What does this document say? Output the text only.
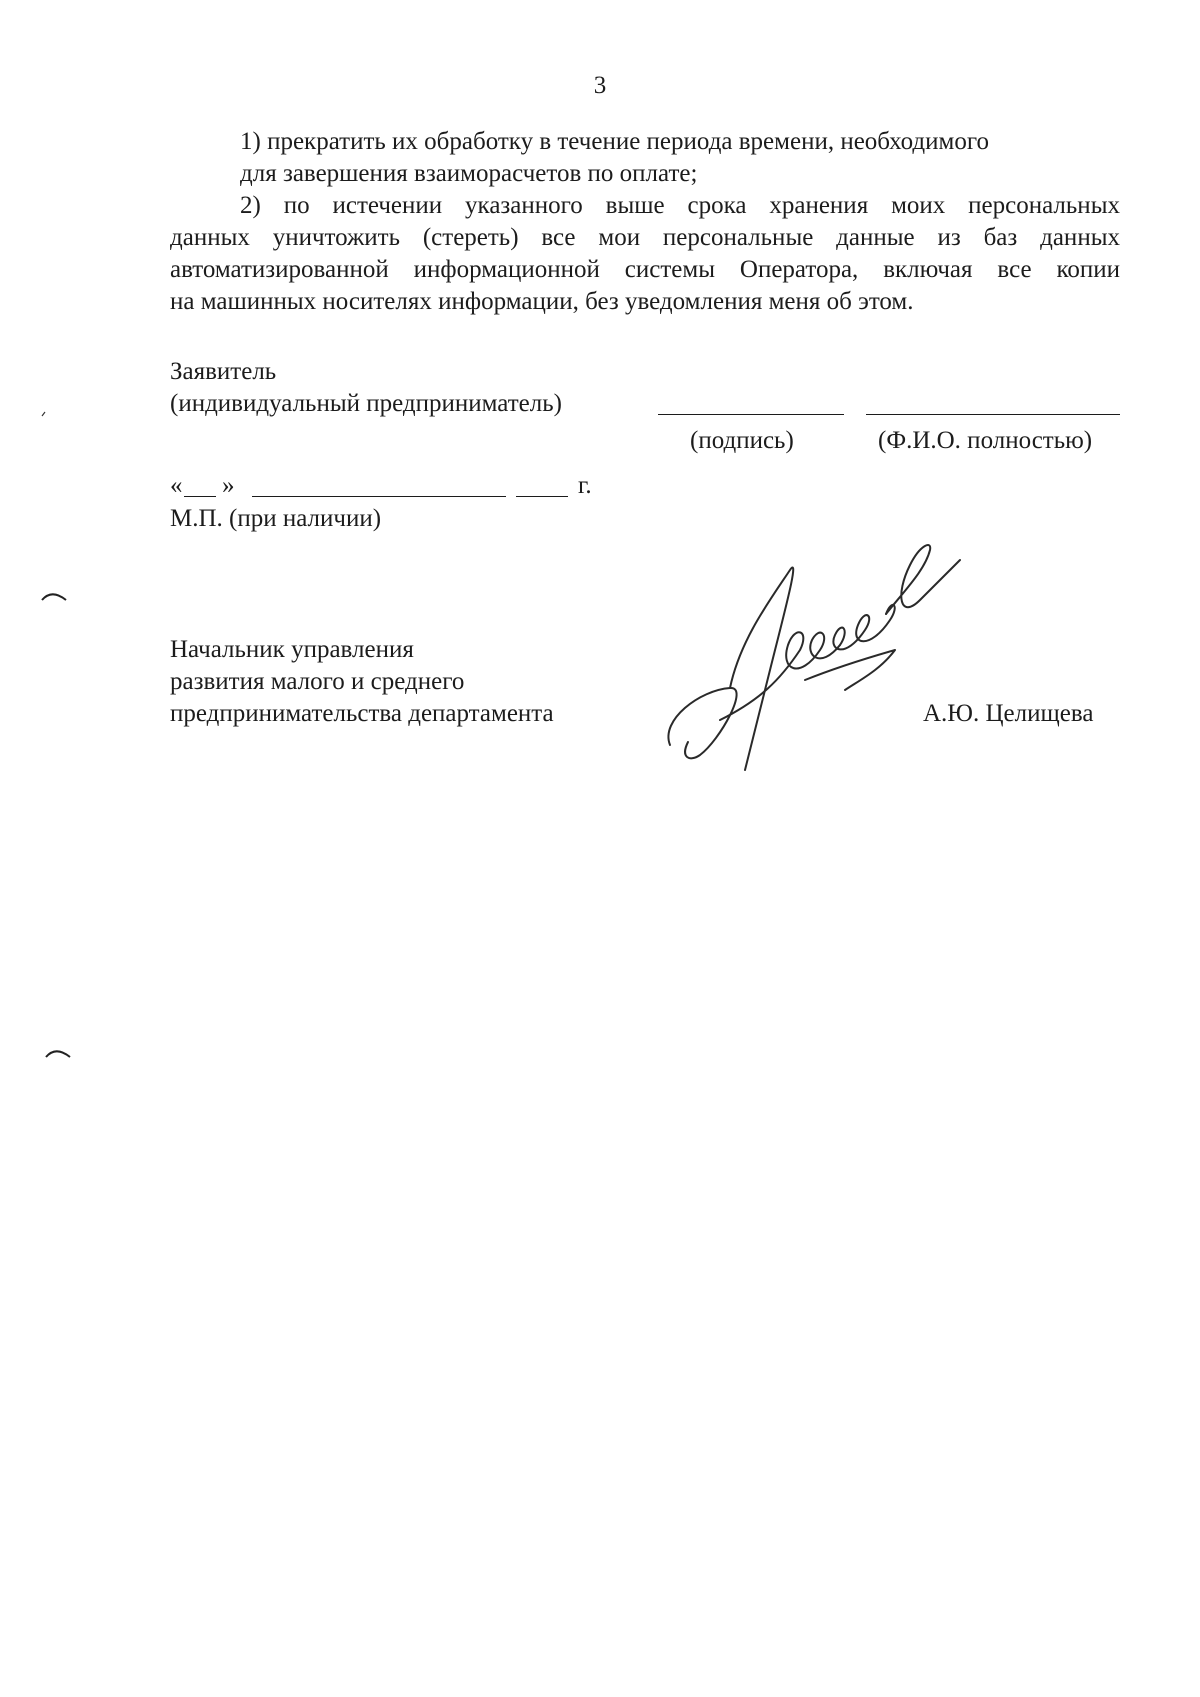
3
1) прекратить их обработку в течение периода времени, необходимого
для завершения взаиморасчетов по оплате;
2) по истечении указанного выше срока хранения моих персональных
данных уничтожить (стереть) все мои персональные данные из баз данных
автоматизированной информационной системы Оператора, включая все копии
на машинных носителях информации, без уведомления меня об этом.
Заявитель
(индивидуальный предприниматель)
(подпись)	(Ф.И.О. полностью)
« »	г.
М.П. (при наличии)
Начальник управления
развития малого и среднего
предпринимательства департамента	А.Ю. Целищева
